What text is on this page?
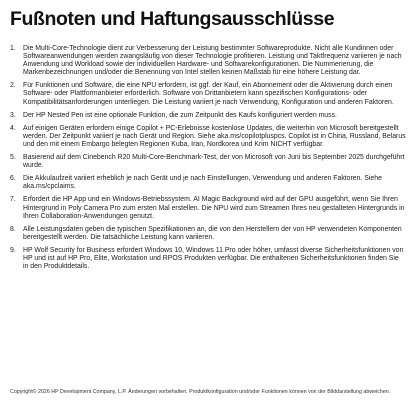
Fußnoten und Haftungsausschlüsse
1.	Die Multi-Core-Technologie dient zur Verbesserung der Leistung bestimmter Softwareprodukte. Nicht alle Kundinnen oder Softwareanwendungen werden zwangsläufig von dieser Technologie profitieren. Leistung und Taktfrequenz variieren je nach Anwendung und Workload sowie der individuellen Hardware- und Softwarekonfigurationen. Die Nummerierung, die Markenbezeichnungen und/oder die Benennung von Intel stellen keinen Maßstab für eine höhere Leistung dar.
2.	Für Funktionen und Software, die eine NPU erfordern, ist ggf. der Kauf, ein Abonnement oder die Aktivierung durch einen Software- oder Plattformanbieter erforderlich. Software von Drittanbietern kann spezifischen Konfigurations- oder Kompatibilitätsanforderungen unterliegen. Die Leistung variiert je nach Verwendung, Konfiguration und anderen Faktoren.
3.	Der HP Nested Pen ist eine optionale Funktion, die zum Zeitpunkt des Kaufs konfiguriert werden muss.
4.	Auf einigen Geräten erfordern einige Copilot + PC-Erlebnisse kostenlose Updates, die weiterhin von Microsoft bereitgestellt werden. Der Zeitpunkt variiert je nach Gerät und Region. Siehe aka.ms/copilotpluspcs. Copilot ist in China, Russland, Belarus und den mit einem Embargo belegten Regionen Kuba, Iran, Nordkorea und Krim NICHT verfügbar.
5.	Basierend auf dem Cinebench R20 Multi-Core-Benchmark-Test, der von Microsoft von Juni bis September 2025 durchgeführt wurde.
6.	Die Akkulaufzeit variiert erheblich je nach Gerät und je nach Einstellungen, Verwendung und anderen Faktoren. Siehe aka.ms/cpclaims.
7.	Erfordert die HP App und ein Windows-Betriebssystem. AI Magic Background wird auf der GPU ausgeführt, wenn Sie Ihren Hintergrund in Poly Camera Pro zum ersten Mal erstellen. Die NPU wird zum Streamen Ihres neu gestalteten Hintergrunds in Ihren Collaboration-Anwendungen genutzt.
8.	Alle Leistungsdaten geben die typischen Spezifikationen an, die von den Herstellern der von HP verwendeten Komponenten bereitgestellt werden. Die tatsächliche Leistung kann variieren.
9.	HP Wolf Security for Business erfordert Windows 10, Windows 11 Pro oder höher, umfasst diverse Sicherheitsfunktionen von HP und ist auf HP Pro, Elite, Workstation und RPOS Produkten verfügbar. Die enthaltenen Sicherheitsfunktionen finden Sie in den Produktdetails.
Copyright© 2026 HP Development Company, L.P. Änderungen vorbehalten. Produktkonfiguration und/oder Funktionen können von der Bilddarstellung abweichen.
